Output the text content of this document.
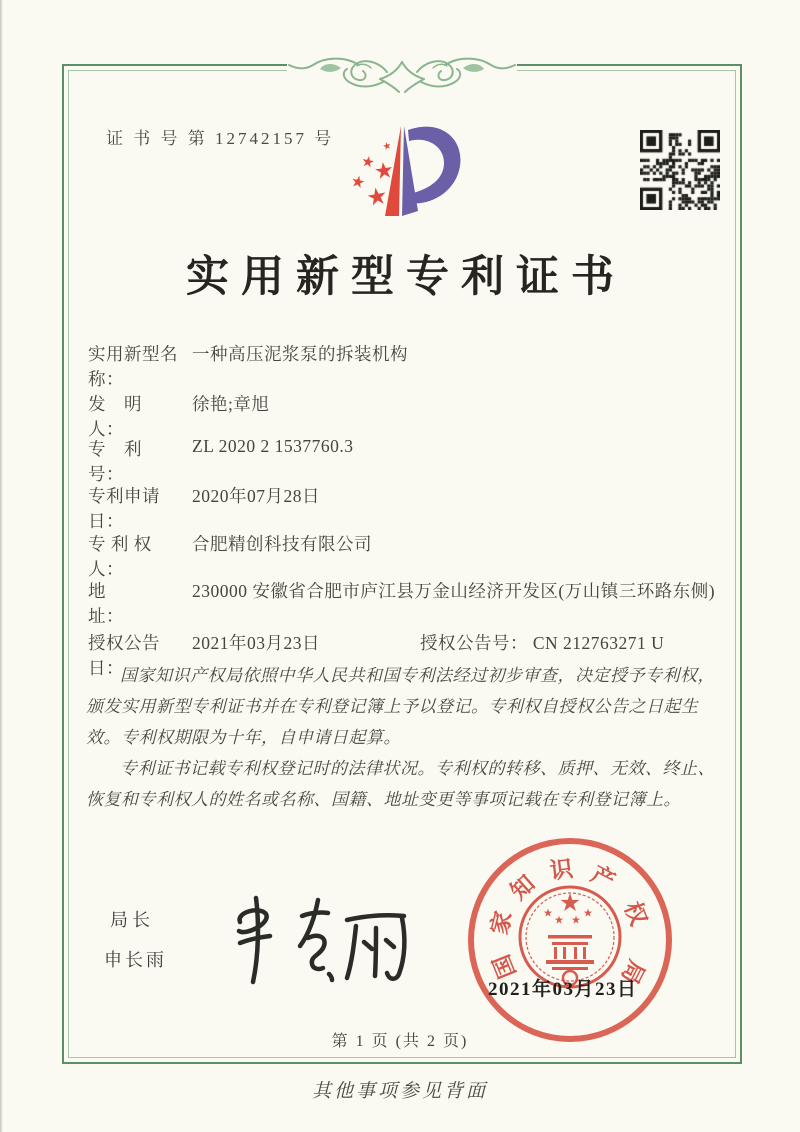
证 书 号 第 12742157 号
实用新型专利证书
实用新型名称：
一种高压泥浆泵的拆装机构
发　明　人：
徐艳;章旭
专　利　号：
ZL 2020 2 1537760.3
专利申请日：
2020年07月28日
专 利 权 人：
合肥精创科技有限公司
地　　　址：
230000 安徽省合肥市庐江县万金山经济开发区(万山镇三环路东侧)
授权公告日：
2021年03月23日	授权公告号： CN 212763271 U

国家知识产权局依照中华人民共和国专利法经过初步审查，决定授予专利权，颁发实用新型专利证书并在专利登记簿上予以登记。专利权自授权公告之日起生效。专利权期限为十年，自申请日起算。

专利证书记载专利权登记时的法律状况。专利权的转移、质押、无效、终止、恢复和专利权人的姓名或名称、国籍、地址变更等事项记载在专利登记簿上。

局长
申长雨	国
家
知
识 产
权
局
2021年03月23日
第 1 页 (共 2 页)
其他事项参见背面
